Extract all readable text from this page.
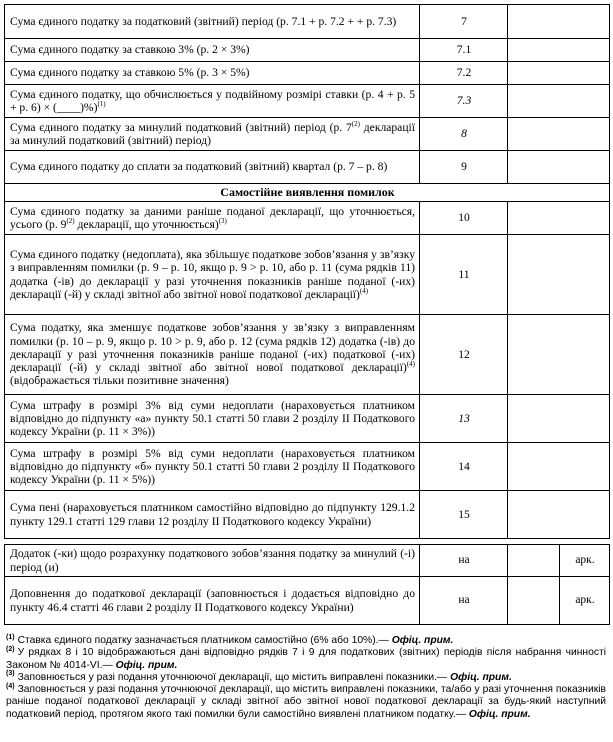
Сума єдиного податку за податковий (звітний) період (р. 7.1 + р. 7.2 + + р. 7.3)	7	
Сума єдиного податку за ставкою 3% (р. 2 × 3%)	7.1	
Сума єдиного податку за ставкою 5% (р. 3 × 5%)	7.2	
Сума єдиного податку, що обчислюється у подвійному розмірі ставки (р. 4 + р. 5 + р. 6) × (____)%)$^{(1)}$	7.3	
Сума єдиного податку за минулий податковий (звітний) період (р. 7$^{(2)}$ декларації за минулий податковий (звітний) період)	8	
Сума єдиного податку до сплати за податковий (звітний) квартал (р. 7 – р. 8)	9	
Самостійне виявлення помилок		
Сума єдиного податку за даними раніше поданої декларації, що уточнюється, усього (р. 9$^{(2)}$ декларації, що уточнюється)$^{(3)}$	10	
Сума єдиного податку (недоплата), яка збільшує податкове зобов’язання у зв’язку з виправленням помилки (р. 9 – р. 10, якщо р. 9 > р. 10, або р. 11 (сума рядків 11) додатка (-ів) до декларації у разі уточнення показників раніше поданої (-их) декларації (-й) у складі звітної або звітної нової податкової декларації)$^{(4)}$	11	
Сума податку, яка зменшує податкове зобов’язання у зв’язку з виправленням помилки (р. 10 – р. 9, якщо р. 10 > р. 9, або р. 12 (сума рядків 12) додатка (-ів) до декларації у разі уточнення показників раніше поданої (-их) податкової (-их) декларації (-й) у складі звітної або звітної нової податкової декларації)$^{(4)}$ (відображається тільки позитивне значення)	12	
Сума штрафу в розмірі 3% від суми недоплати (нараховується платником відповідно до підпункту «а» пункту 50.1 статті 50 глави 2 розділу II Податкового кодексу України (р. 11 × 3%))	13	
Сума штрафу в розмірі 5% від суми недоплати (нараховується платником відповідно до підпункту «б» пункту 50.1 статті 50 глави 2 розділу II Податкового кодексу України (р. 11 × 5%))	14	
Сума пені (нараховується платником самостійно відповідно до підпункту 129.1.2 пункту 129.1 статті 129 глави 12 розділу II Податкового кодексу України)	15	
Додаток (-ки) щодо розрахунку податкового зобов’язання податку за минулий (-і) період (и)	на		арк.
Доповнення до податкової декларації (заповнюється і додається відповідно до пункту 46.4 статті 46 глави 2 розділу II Податкового кодексу України)	на		арк.

$^{(1)}$ Ставка єдиного податку зазначається платником самостійно (6% або 10%).— Офіц. прим.

$^{(2)}$ У рядках 8 і 10 відображаються дані відповідно рядків 7 і 9 для податкових (звітних) періодів після набрання чинності Законом № 4014-VI.— Офіц. прим.

$^{(3)}$ Заповнюється у разі подання уточнюючої декларації, що містить виправлені показники.— Офіц. прим.

$^{(4)}$ Заповнюється у разі подання уточнюючої декларації, що містить виправлені показники, та/або у разі уточнення показників раніше поданої податкової декларації у складі звітної або звітної нової податкової декларації за будь-який наступний податковий період, протягом якого такі помилки були самостійно виявлені платником податку.— Офіц. прим.
